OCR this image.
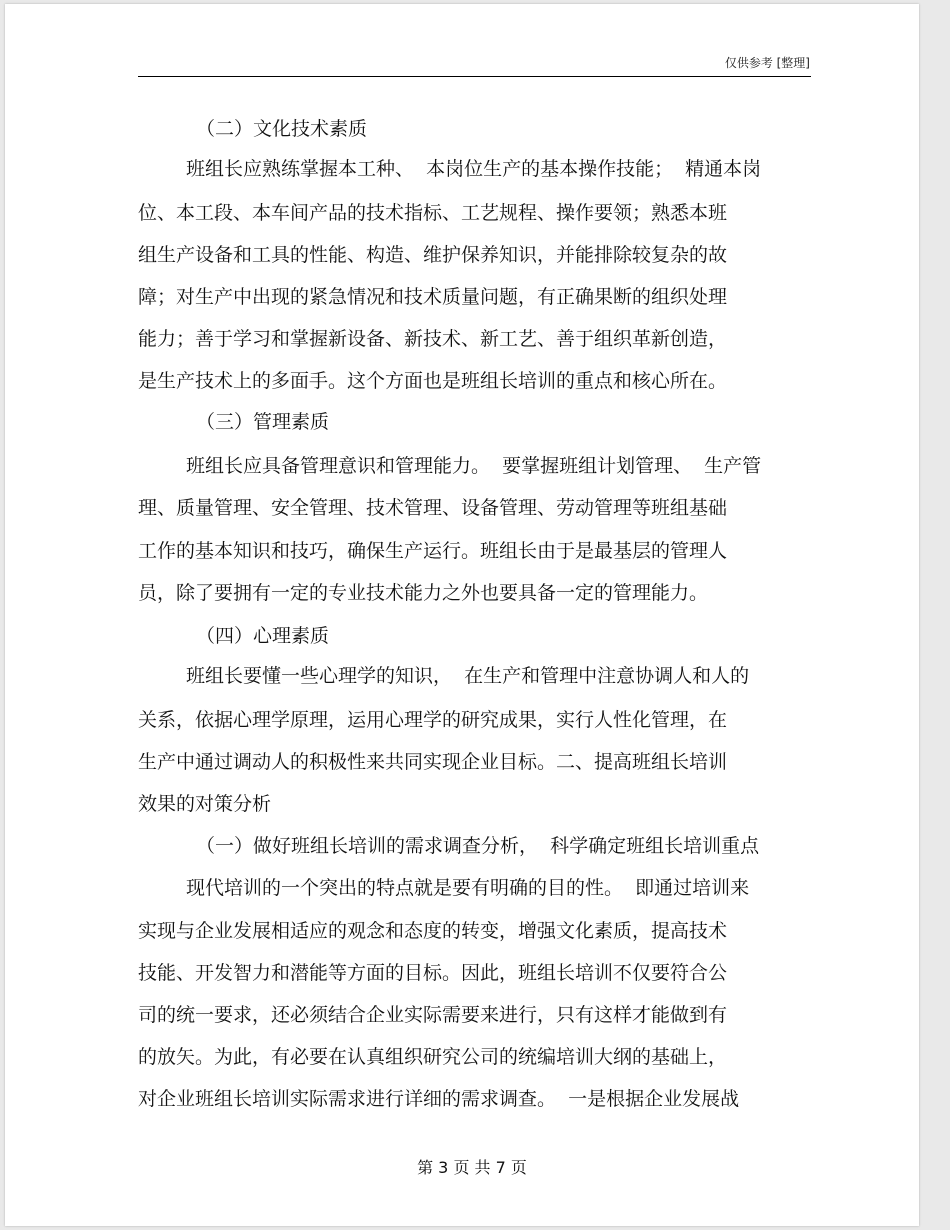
仅供参考 [整理]
（二）文化技术素质
班组长应熟练掌握本工种、  本岗位生产的基本操作技能；  精通本岗
位、本工段、本车间产品的技术指标、工艺规程、操作要领；熟悉本班
组生产设备和工具的性能、构造、维护保养知识，并能排除较复杂的故
障；对生产中出现的紧急情况和技术质量问题，有正确果断的组织处理
能力；善于学习和掌握新设备、新技术、新工艺、善于组织革新创造，
是生产技术上的多面手。这个方面也是班组长培训的重点和核心所在。
（三）管理素质
班组长应具备管理意识和管理能力。  要掌握班组计划管理、  生产管
理、质量管理、安全管理、技术管理、设备管理、劳动管理等班组基础
工作的基本知识和技巧，确保生产运行。班组长由于是最基层的管理人
员，除了要拥有一定的专业技术能力之外也要具备一定的管理能力。
（四）心理素质
班组长要懂一些心理学的知识，  在生产和管理中注意协调人和人的
关系，依据心理学原理，运用心理学的研究成果，实行人性化管理，在
生产中通过调动人的积极性来共同实现企业目标。二、提高班组长培训
效果的对策分析
（一）做好班组长培训的需求调查分析，  科学确定班组长培训重点
现代培训的一个突出的特点就是要有明确的目的性。  即通过培训来
实现与企业发展相适应的观念和态度的转变，增强文化素质，提高技术
技能、开发智力和潜能等方面的目标。因此，班组长培训不仅要符合公
司的统一要求，还必须结合企业实际需要来进行，只有这样才能做到有
的放矢。为此，有必要在认真组织研究公司的统编培训大纲的基础上，
对企业班组长培训实际需求进行详细的需求调查。  一是根据企业发展战
第 3 页 共 7 页
